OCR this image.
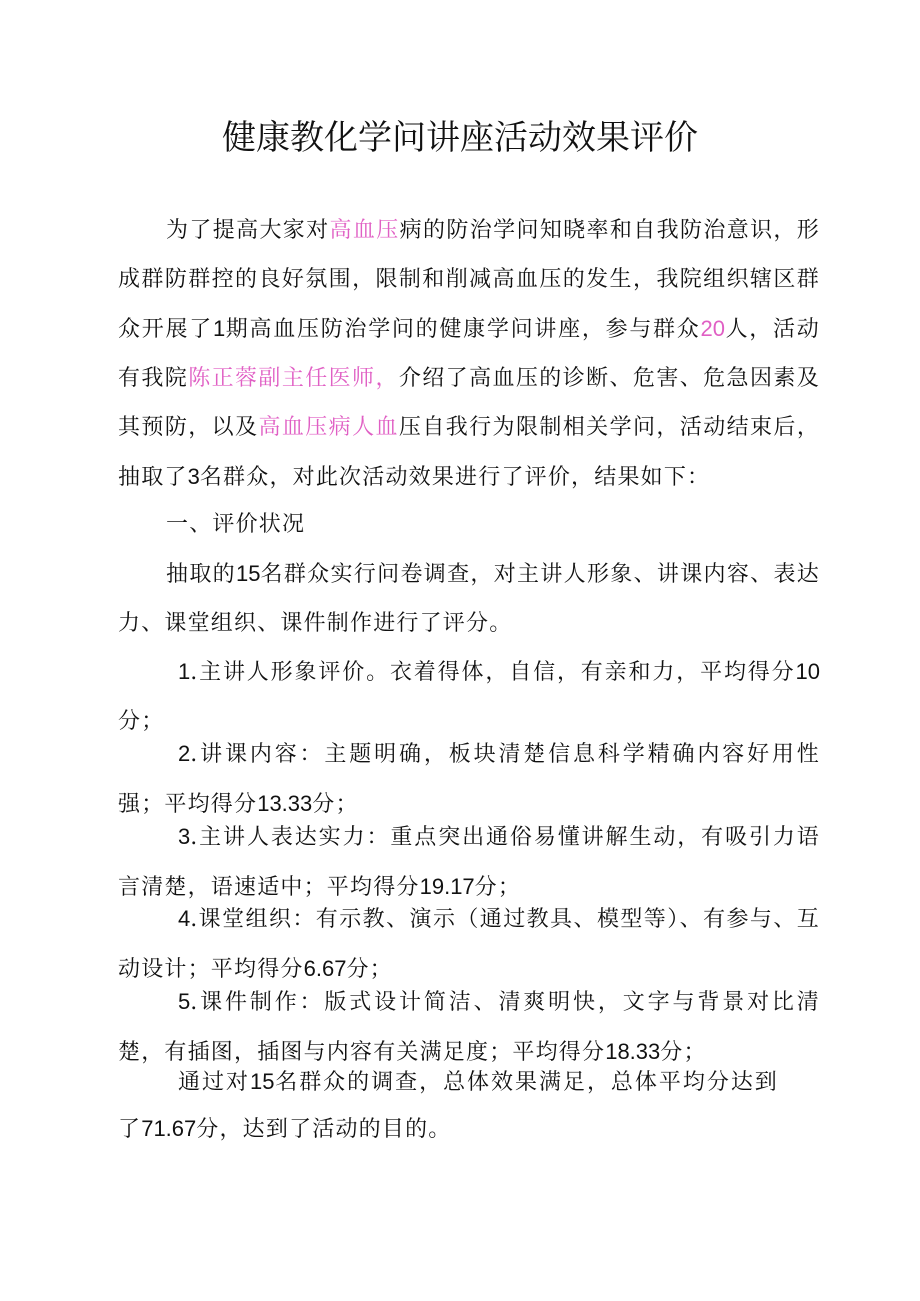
健康教化学问讲座活动效果评价

为了提高大家对高血压病的防治学问知晓率和自我防治意识，形成群防群控的良好氛围，限制和削减高血压的发生，我院组织辖区群众开展了1期高血压防治学问的健康学问讲座，参与群众20人，活动有我院陈正蓉副主任医师，介绍了高血压的诊断、危害、危急因素及其预防，以及高血压病人血压自我行为限制相关学问，活动结束后，抽取了3名群众，对此次活动效果进行了评价，结果如下：

一、评价状况

抽取的15名群众实行问卷调查，对主讲人形象、讲课内容、表达力、课堂组织、课件制作进行了评分。

1.主讲人形象评价。衣着得体，自信，有亲和力，平均得分10分；

2.讲课内容：主题明确，板块清楚信息科学精确内容好用性强；平均得分13.33分；

3.主讲人表达实力：重点突出通俗易懂讲解生动，有吸引力语言清楚，语速适中；平均得分19.17分；

4.课堂组织：有示教、演示（通过教具、模型等）、有参与、互动设计；平均得分6.67分；

5.课件制作：版式设计简洁、清爽明快，文字与背景对比清楚，有插图，插图与内容有关满足度；平均得分18.33分；

通过对15名群众的调查，总体效果满足，总体平均分达到了71.67分，达到了活动的目的。
